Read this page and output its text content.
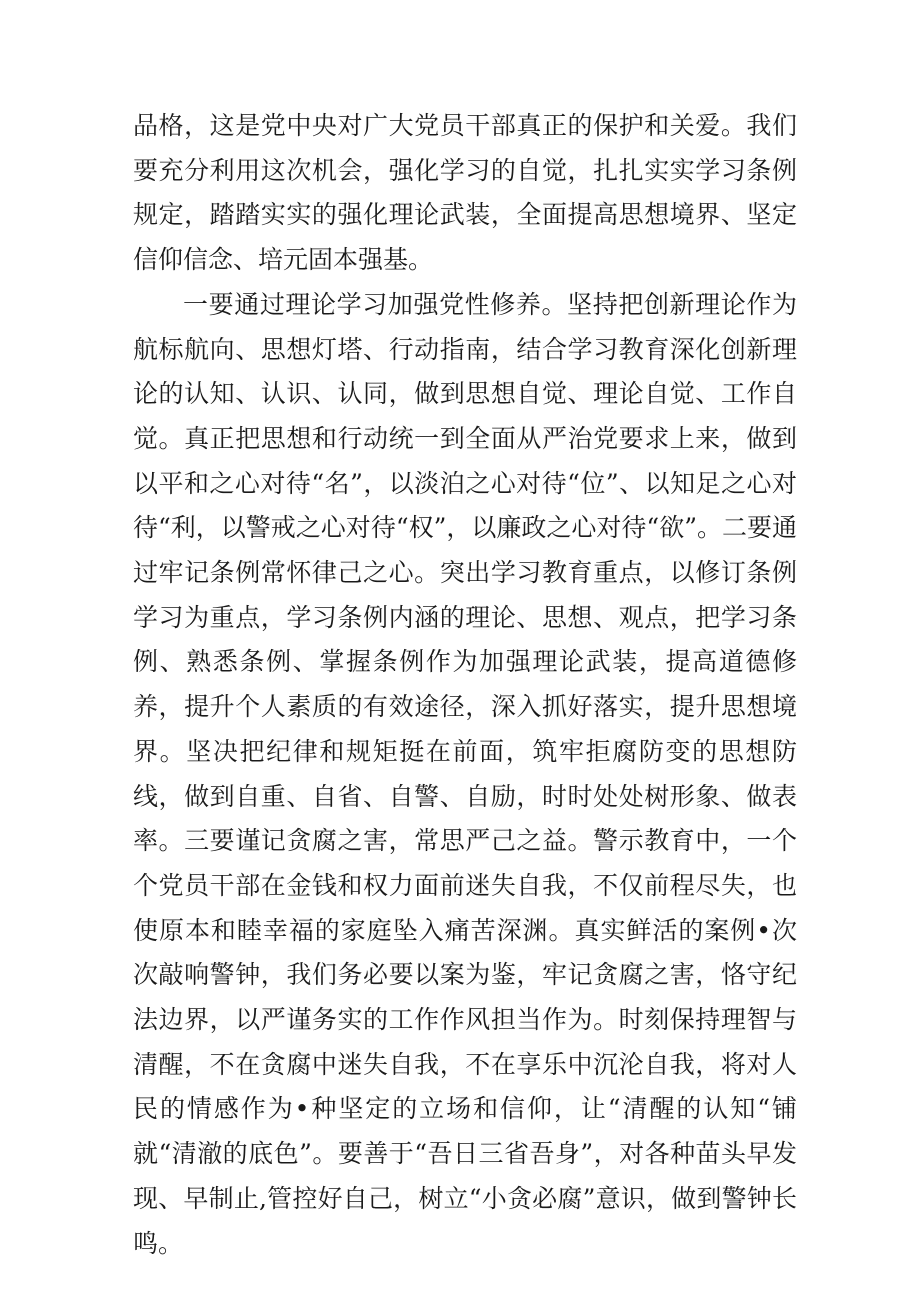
品格，这是党中央对广大党员干部真正的保护和关爱。我们要充分利用这次机会，强化学习的自觉，扎扎实实学习条例规定，踏踏实实的强化理论武装，全面提高思想境界、坚定信仰信念、培元固本强基。

一要通过理论学习加强党性修养。坚持把创新理论作为航标航向、思想灯塔、行动指南，结合学习教育深化创新理论的认知、认识、认同，做到思想自觉、理论自觉、工作自觉。真正把思想和行动统一到全面从严治党要求上来，做到以平和之心对待“名”，以淡泊之心对待“位”、以知足之心对待“利，以警戒之心对待“权”，以廉政之心对待“欲”。二要通过牢记条例常怀律己之心。突出学习教育重点，以修订条例学习为重点，学习条例内涵的理论、思想、观点，把学习条例、熟悉条例、掌握条例作为加强理论武装，提高道德修养，提升个人素质的有效途径，深入抓好落实，提升思想境界。坚决把纪律和规矩挺在前面，筑牢拒腐防变的思想防线，做到自重、自省、自警、自励，时时处处树形象、做表率。三要谨记贪腐之害，常思严己之益。警示教育中，一个个党员干部在金钱和权力面前迷失自我，不仅前程尽失，也使原本和睦幸福的家庭坠入痛苦深渊。真实鲜活的案例•次次敲响警钟，我们务必要以案为鉴，牢记贪腐之害，恪守纪法边界，以严谨务实的工作作风担当作为。时刻保持理智与清醒，不在贪腐中迷失自我，不在享乐中沉沦自我，将对人民的情感作为•种坚定的立场和信仰，让“清醒的认知“铺就“清澈的底色”。要善于“吾日三省吾身”，对各种苗头早发现、早制止,管控好自己，树立“小贪必腐”意识，做到警钟长鸣。
